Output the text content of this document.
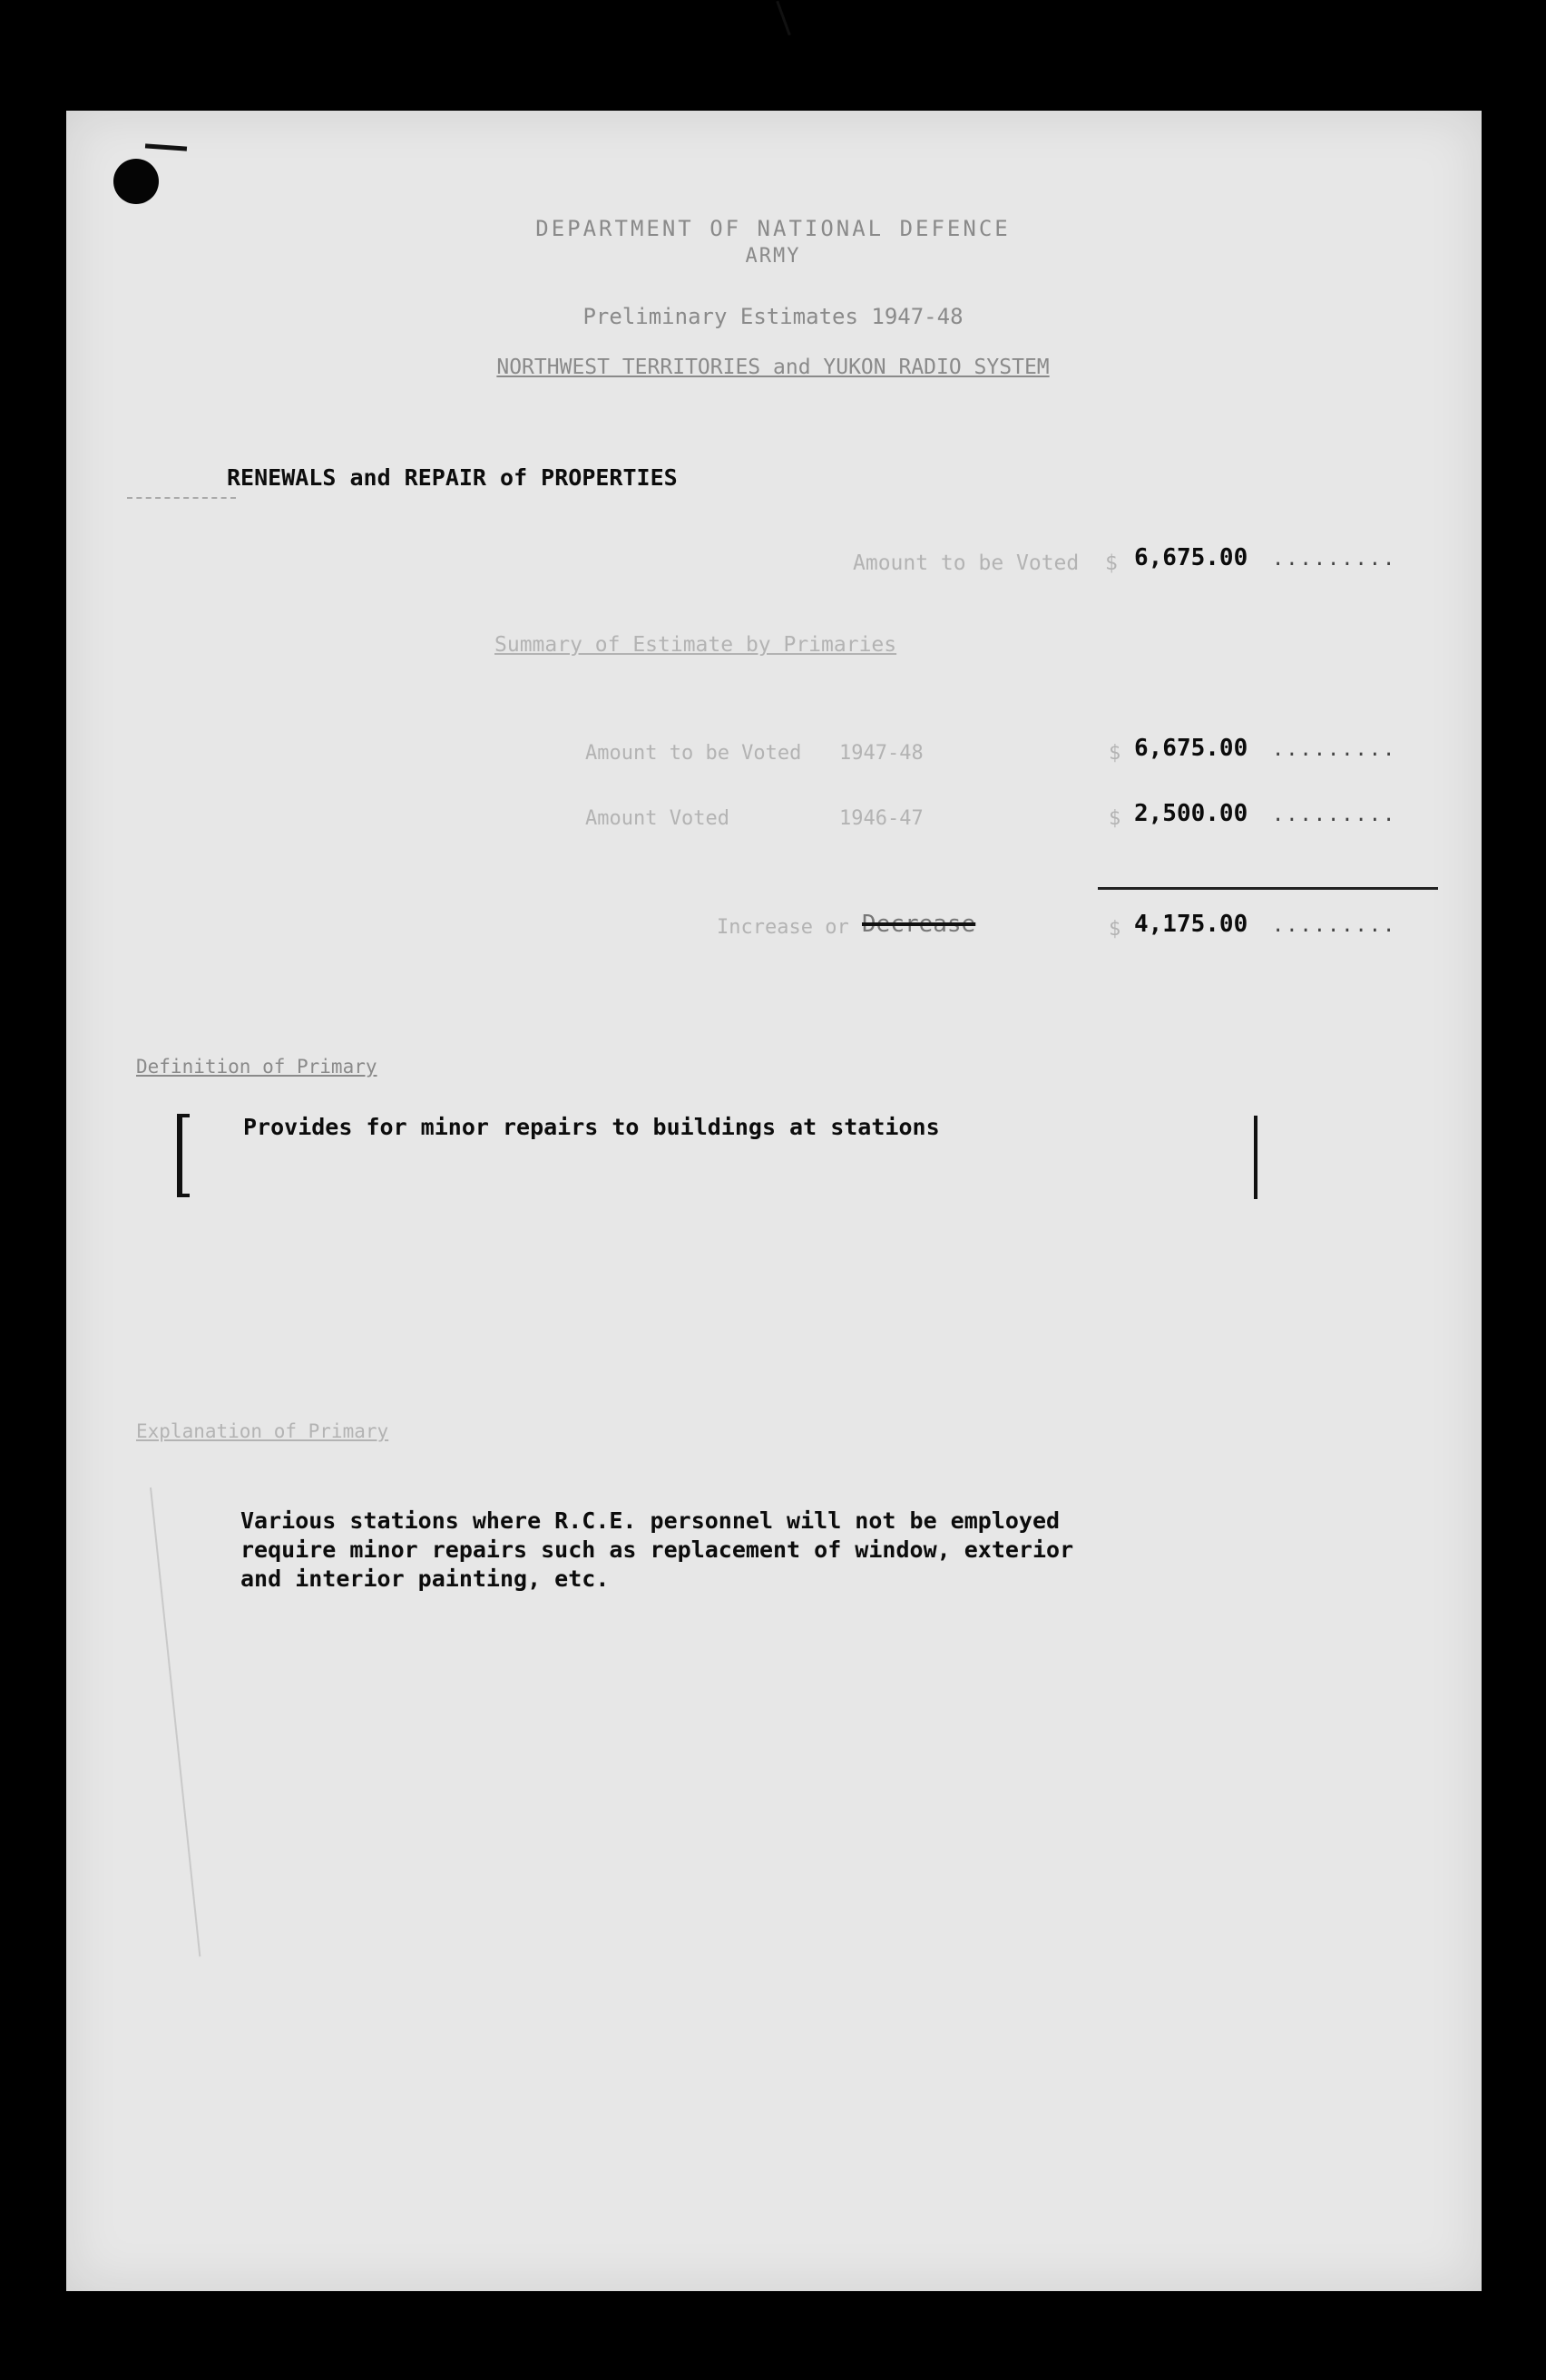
DEPARTMENT OF NATIONAL DEFENCE
ARMY
Preliminary Estimates 1947-48
NORTHWEST TERRITORIES and YUKON RADIO SYSTEM
RENEWALS and REPAIR of PROPERTIES
Amount to be Voted $ 6,675.00 .........
Summary of Estimate by Primaries
Amount to be Voted 1947-48	$ 6,675.00 .........
Amount Voted	1946-47	$ 2,500.00 .........
Increase or Decrease	$ 4,175.00 .........
Definition of Primary
Provides for minor repairs to buildings at stations
Explanation of Primary
Various stations where R.C.E. personnel will not be employed
require minor repairs such as replacement of window, exterior
and interior painting, etc.
